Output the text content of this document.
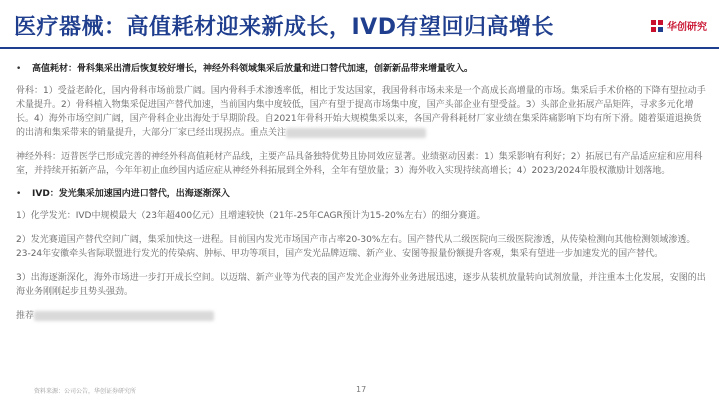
医疗器械：高值耗材迎来新成长，IVD有望回归高增长	华创研究
•	高值耗材：骨科集采出清后恢复较好增长，神经外科领域集采后放量和进口替代加速，创新新品带来增量收入。

骨科：1）受益老龄化，国内骨科市场前景广阔。国内骨科手术渗透率低，相比于发达国家，我国骨科市场未来是一个高成长高增量的市场。集采后手术价格的下降有望拉动手术量提升。2）骨科植入物集采促进国产替代加速，当前国内集中度较低，国产有望于提高市场集中度，国产头部企业有望受益。3）头部企业拓展产品矩阵，寻求多元化增长。4）海外市场空间广阔，国产骨科企业出海处于早期阶段。自2021年骨科开始大规模集采以来，各国产骨科耗材厂家业绩在集采阵痛影响下均有所下滑。随着渠道退换货的出清和集采带来的销量提升，大部分厂家已经出现拐点。重点关注

神经外科：迈普医学已形成完善的神经外科高值耗材产品线，主要产品具备独特优势且协同效应显著。业绩驱动因素：1）集采影响有利好；2）拓展已有产品适应症和应用科室，并持续开拓新产品，今年年初止血纱国内适应症从神经外科拓展到全外科，全年有望放量；3）海外收入实现持续高增长；4）2023/2024年股权激励计划落地。

•	IVD：发光集采加速国内进口替代，出海逐渐深入

1）化学发光：IVD中规模最大（23年超400亿元）且增速较快（21年-25年CAGR预计为15-20%左右）的细分赛道。

2）发光赛道国产替代空间广阔，集采加快这一进程。目前国内发光市场国产市占率20-30%左右。国产替代从二级医院向三级医院渗透，从传染检测向其他检测领域渗透。23-24年安徽牵头省际联盟进行发光的传染病、肿标、甲功等项目，国产发光品牌迈瑞、新产业、安图等报量份额提升客观，集采有望进一步加速发光的国产替代。

3）出海逐渐深化，海外市场进一步打开成长空间。以迈瑞、新产业等为代表的国产发光企业海外业务进展迅速，逐步从装机放量转向试剂放量，并注重本土化发展，安图的出海业务刚刚起步且势头强劲。

推荐

资料来源：公司公告，华创证券研究所	17
